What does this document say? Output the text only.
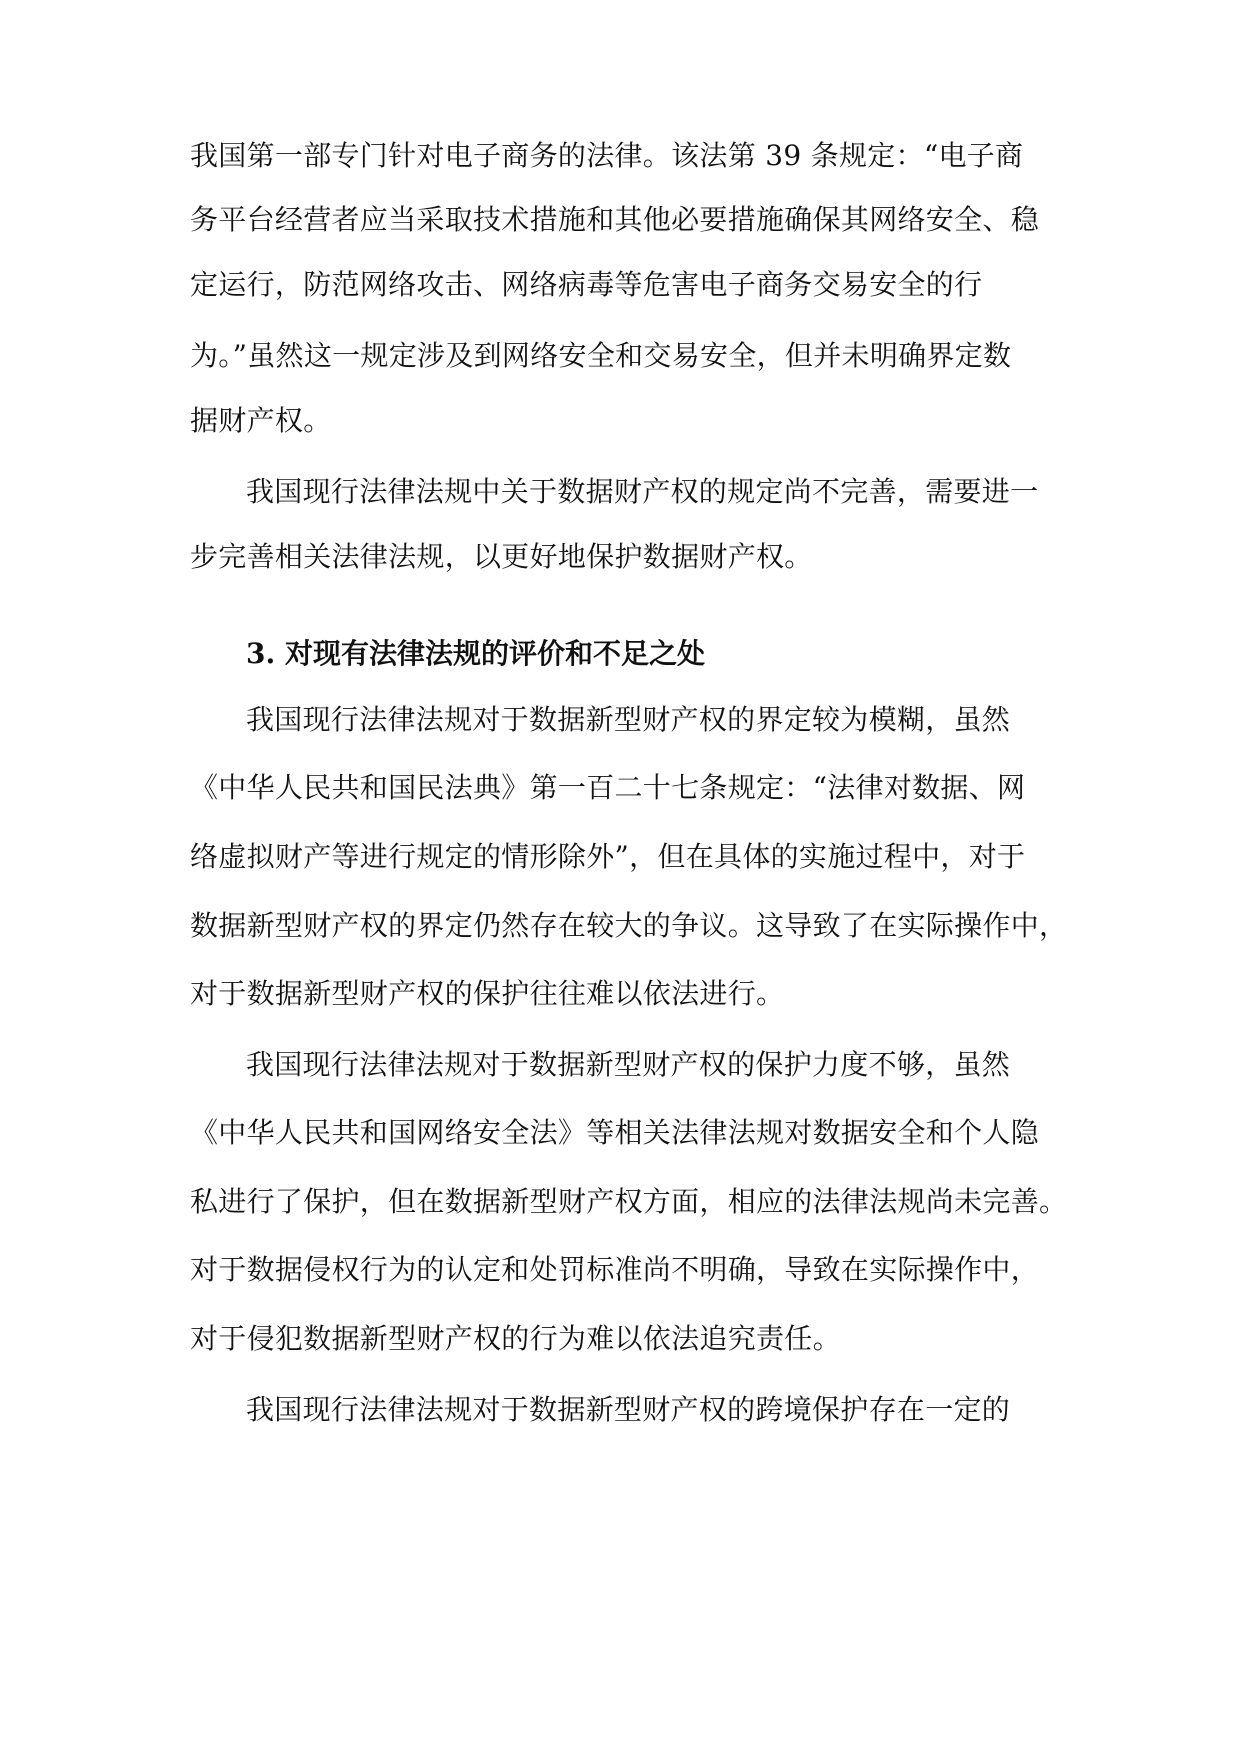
我国第一部专门针对电子商务的法律。该法第 39 条规定：“电子商
务平台经营者应当采取技术措施和其他必要措施确保其网络安全、稳
定运行，防范网络攻击、网络病毒等危害电子商务交易安全的行
为。”虽然这一规定涉及到网络安全和交易安全，但并未明确界定数
据财产权。
我国现行法律法规中关于数据财产权的规定尚不完善，需要进一
步完善相关法律法规，以更好地保护数据财产权。
3. 对现有法律法规的评价和不足之处
我国现行法律法规对于数据新型财产权的界定较为模糊，虽然
《中华人民共和国民法典》第一百二十七条规定：“法律对数据、网
络虚拟财产等进行规定的情形除外”，但在具体的实施过程中，对于
数据新型财产权的界定仍然存在较大的争议。这导致了在实际操作中，
对于数据新型财产权的保护往往难以依法进行。
我国现行法律法规对于数据新型财产权的保护力度不够，虽然
《中华人民共和国网络安全法》等相关法律法规对数据安全和个人隐
私进行了保护，但在数据新型财产权方面，相应的法律法规尚未完善。
对于数据侵权行为的认定和处罚标准尚不明确，导致在实际操作中，
对于侵犯数据新型财产权的行为难以依法追究责任。
我国现行法律法规对于数据新型财产权的跨境保护存在一定的
